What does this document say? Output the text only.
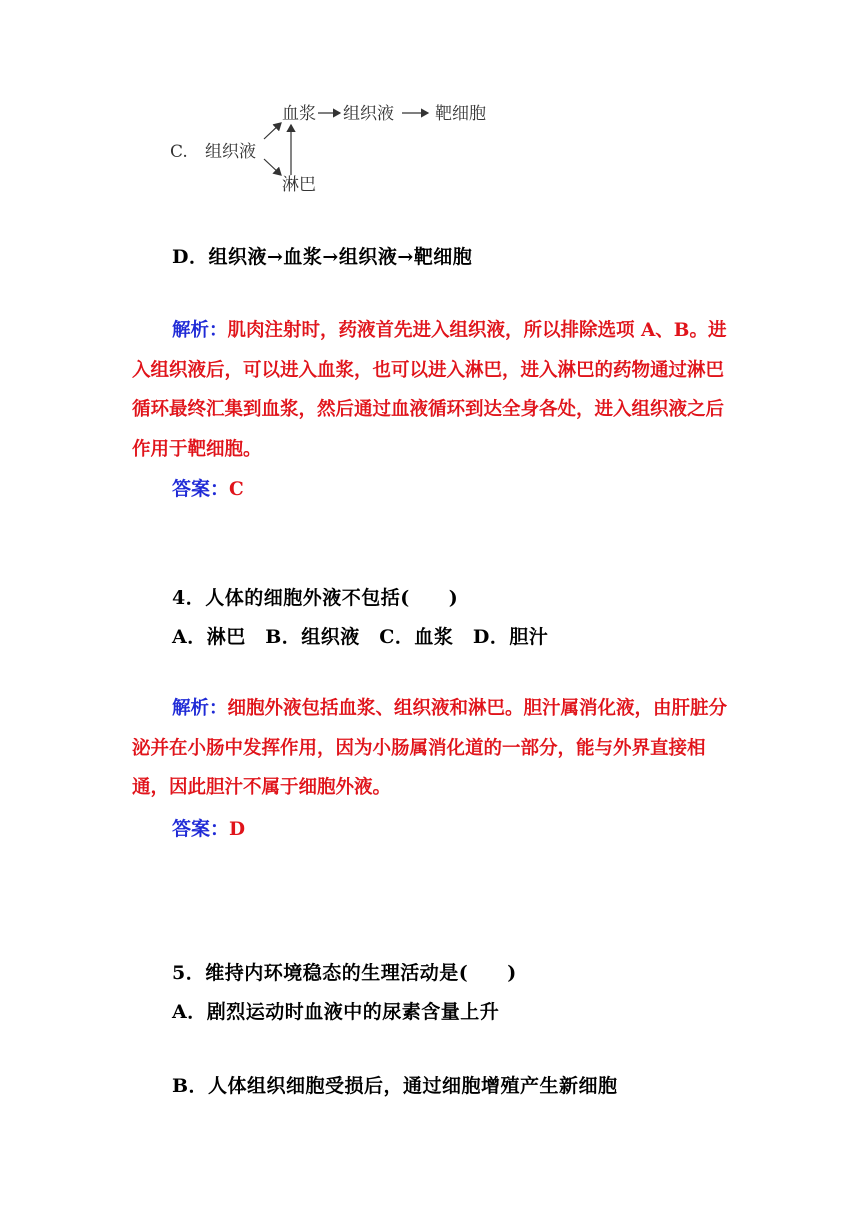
C. 组织液
血浆 组织液 靶细胞
淋巴
D．组织液→血浆→组织液→靶细胞
解析：肌肉注射时，药液首先进入组织液，所以排除选项 A、B。进入组织液后，可以进入血浆，也可以进入淋巴，进入淋巴的药物通过淋巴循环最终汇集到血浆，然后通过血液循环到达全身各处，进入组织液之后作用于靶细胞。
答案：C
4．人体的细胞外液不包括(　　)
A．淋巴　B．组织液　C．血浆　D．胆汁
解析：细胞外液包括血浆、组织液和淋巴。胆汁属消化液，由肝脏分泌并在小肠中发挥作用，因为小肠属消化道的一部分，能与外界直接相通，因此胆汁不属于细胞外液。
答案：D
5．维持内环境稳态的生理活动是(　　)
A．剧烈运动时血液中的尿素含量上升
B．人体组织细胞受损后，通过细胞增殖产生新细胞
